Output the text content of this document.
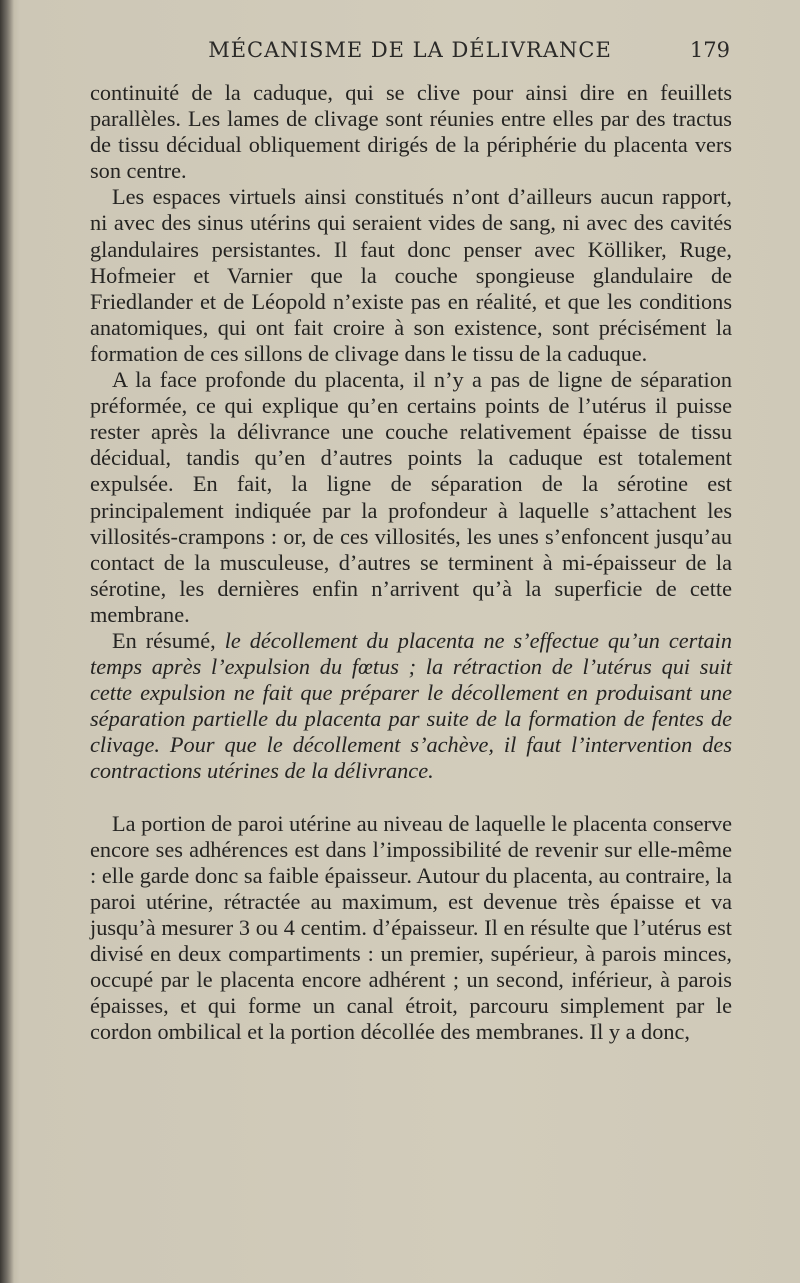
MÉCANISME DE LA DÉLIVRANCE	179

continuité de la caduque, qui se clive pour ainsi dire en feuillets parallèles. Les lames de clivage sont réunies entre elles par des tractus de tissu décidual obliquement dirigés de la périphérie du placenta vers son centre.

Les espaces virtuels ainsi constitués n’ont d’ailleurs aucun rapport, ni avec des sinus utérins qui seraient vides de sang, ni avec des cavités glandulaires persistantes. Il faut donc penser avec Kölliker, Ruge, Hofmeier et Varnier que la couche spongieuse glandulaire de Friedlander et de Léopold n’existe pas en réalité, et que les conditions anatomiques, qui ont fait croire à son existence, sont précisément la formation de ces sillons de clivage dans le tissu de la caduque.

A la face profonde du placenta, il n’y a pas de ligne de séparation préformée, ce qui explique qu’en certains points de l’utérus il puisse rester après la délivrance une couche relativement épaisse de tissu décidual, tandis qu’en d’autres points la caduque est totalement expulsée. En fait, la ligne de séparation de la sérotine est principalement indiquée par la profondeur à laquelle s’attachent les villosités-crampons : or, de ces villosités, les unes s’enfoncent jusqu’au contact de la musculeuse, d’autres se terminent à mi-épaisseur de la sérotine, les dernières enfin n’arrivent qu’à la superficie de cette membrane.

En résumé, le décollement du placenta ne s’effectue qu’un certain temps après l’expulsion du fœtus ; la rétraction de l’utérus qui suit cette expulsion ne fait que préparer le décollement en produisant une séparation partielle du placenta par suite de la formation de fentes de clivage. Pour que le décollement s’achève, il faut l’intervention des contractions utérines de la délivrance.

La portion de paroi utérine au niveau de laquelle le placenta conserve encore ses adhérences est dans l’impossibilité de revenir sur elle-même : elle garde donc sa faible épaisseur. Autour du placenta, au contraire, la paroi utérine, rétractée au maximum, est devenue très épaisse et va jusqu’à mesurer 3 ou 4 centim. d’épaisseur. Il en résulte que l’utérus est divisé en deux compartiments : un premier, supérieur, à parois minces, occupé par le placenta encore adhérent ; un second, inférieur, à parois épaisses, et qui forme un canal étroit, parcouru simplement par le cordon ombilical et la portion décollée des membranes. Il y a donc,
